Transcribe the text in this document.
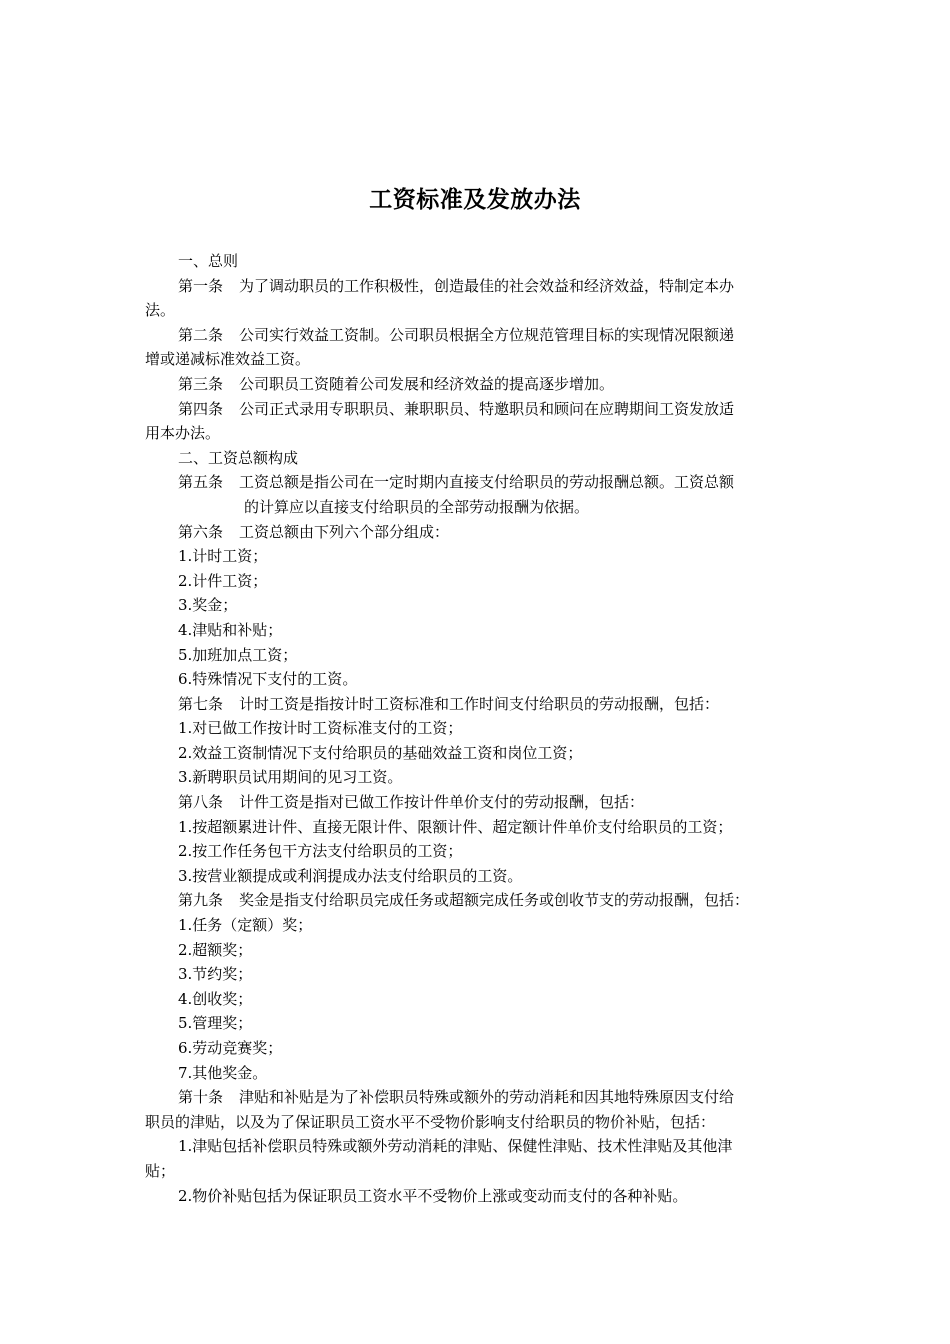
工资标准及发放办法
一、总则
第一条 为了调动职员的工作积极性，创造最佳的社会效益和经济效益，特制定本办
法。
第二条 公司实行效益工资制。公司职员根据全方位规范管理目标的实现情况限额递
增或递减标准效益工资。
第三条 公司职员工资随着公司发展和经济效益的提高逐步增加。
第四条 公司正式录用专职职员、兼职职员、特邀职员和顾问在应聘期间工资发放适
用本办法。
二、工资总额构成
第五条 工资总额是指公司在一定时期内直接支付给职员的劳动报酬总额。工资总额
的计算应以直接支付给职员的全部劳动报酬为依据。
第六条 工资总额由下列六个部分组成：
1.计时工资；
2.计件工资；
3.奖金；
4.津贴和补贴；
5.加班加点工资；
6.特殊情况下支付的工资。
第七条 计时工资是指按计时工资标准和工作时间支付给职员的劳动报酬，包括：
1.对已做工作按计时工资标准支付的工资；
2.效益工资制情况下支付给职员的基础效益工资和岗位工资；
3.新聘职员试用期间的见习工资。
第八条 计件工资是指对已做工作按计件单价支付的劳动报酬，包括：
1.按超额累进计件、直接无限计件、限额计件、超定额计件单价支付给职员的工资；
2.按工作任务包干方法支付给职员的工资；
3.按营业额提成或利润提成办法支付给职员的工资。
第九条 奖金是指支付给职员完成任务或超额完成任务或创收节支的劳动报酬，包括：
1.任务（定额）奖；
2.超额奖；
3.节约奖；
4.创收奖；
5.管理奖；
6.劳动竞赛奖；
7.其他奖金。
第十条 津贴和补贴是为了补偿职员特殊或额外的劳动消耗和因其地特殊原因支付给
职员的津贴，以及为了保证职员工资水平不受物价影响支付给职员的物价补贴，包括：
1.津贴包括补偿职员特殊或额外劳动消耗的津贴、保健性津贴、技术性津贴及其他津
贴；
2.物价补贴包括为保证职员工资水平不受物价上涨或变动而支付的各种补贴。
